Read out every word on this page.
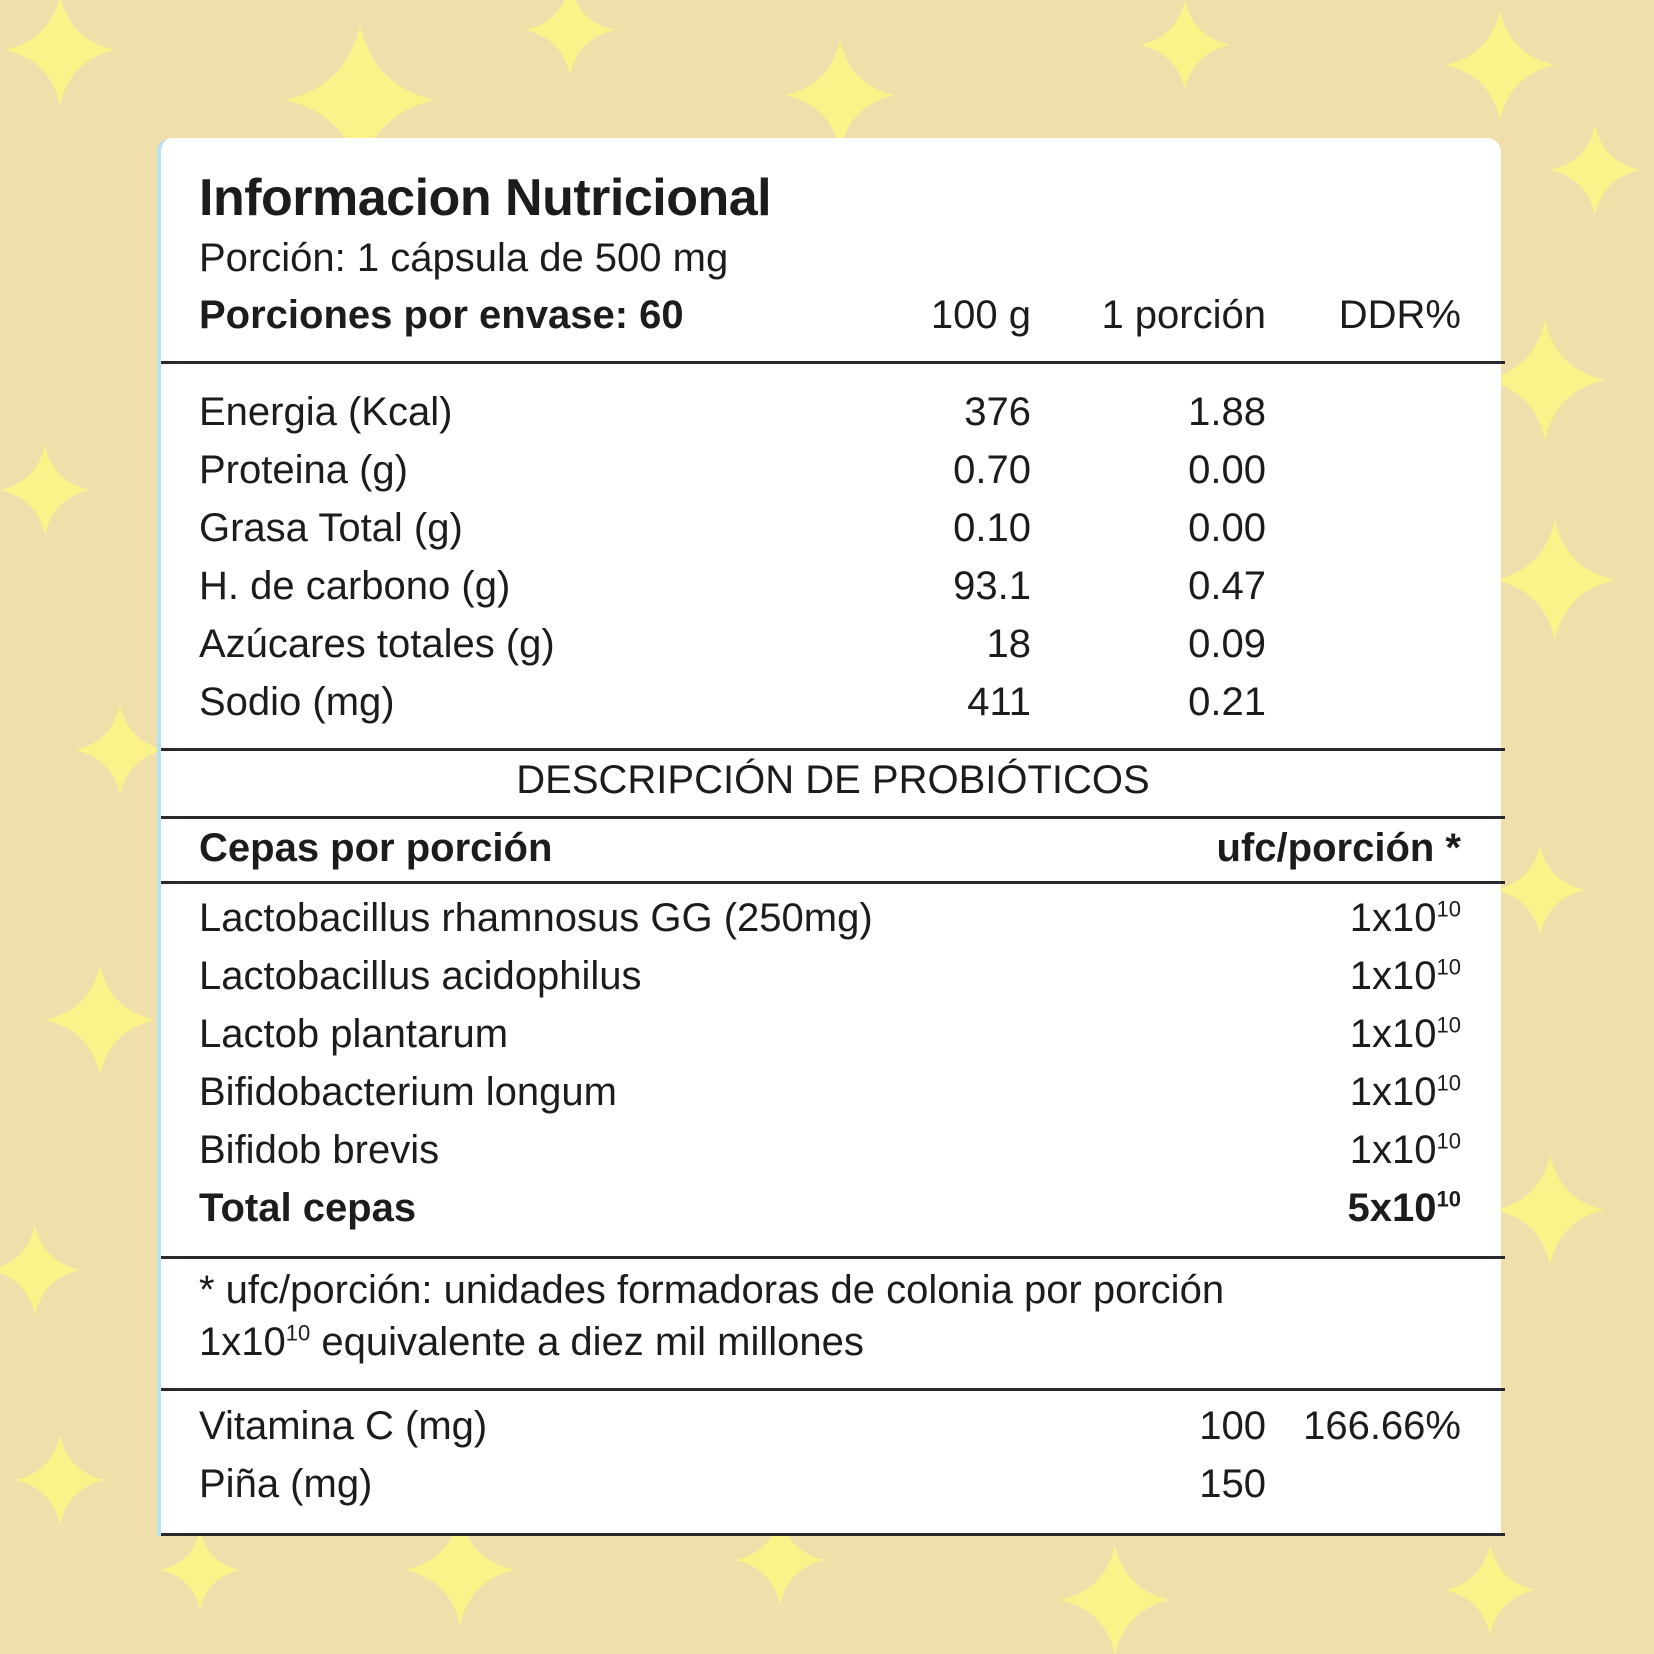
Informacion Nutricional
Porción: 1 cápsula de 500 mg
Porciones por envase: 60	100 g	1 porción	DDR%
Energia (Kcal)	376	1.88
Proteina (g)	0.70	0.00
Grasa Total (g)	0.10	0.00
H. de carbono (g)	93.1	0.47
Azúcares totales (g)	18	0.09
Sodio (mg)	411	0.21
DESCRIPCIÓN DE PROBIÓTICOS
Cepas por porción	ufc/porción *
Lactobacillus rhamnosus GG (250mg)	$1x10^{10}$
Lactobacillus acidophilus	$1x10^{10}$
Lactob plantarum	$1x10^{10}$
Bifidobacterium longum	$1x10^{10}$
Bifidob brevis	$1x10^{10}$
Total cepas	$5x10^{10}$
* ufc/porción: unidades formadoras de colonia por porción
$1x10^{10}$ equivalente a diez mil millones
Vitamina C (mg)	100 166.66%
Piña (mg)	150
